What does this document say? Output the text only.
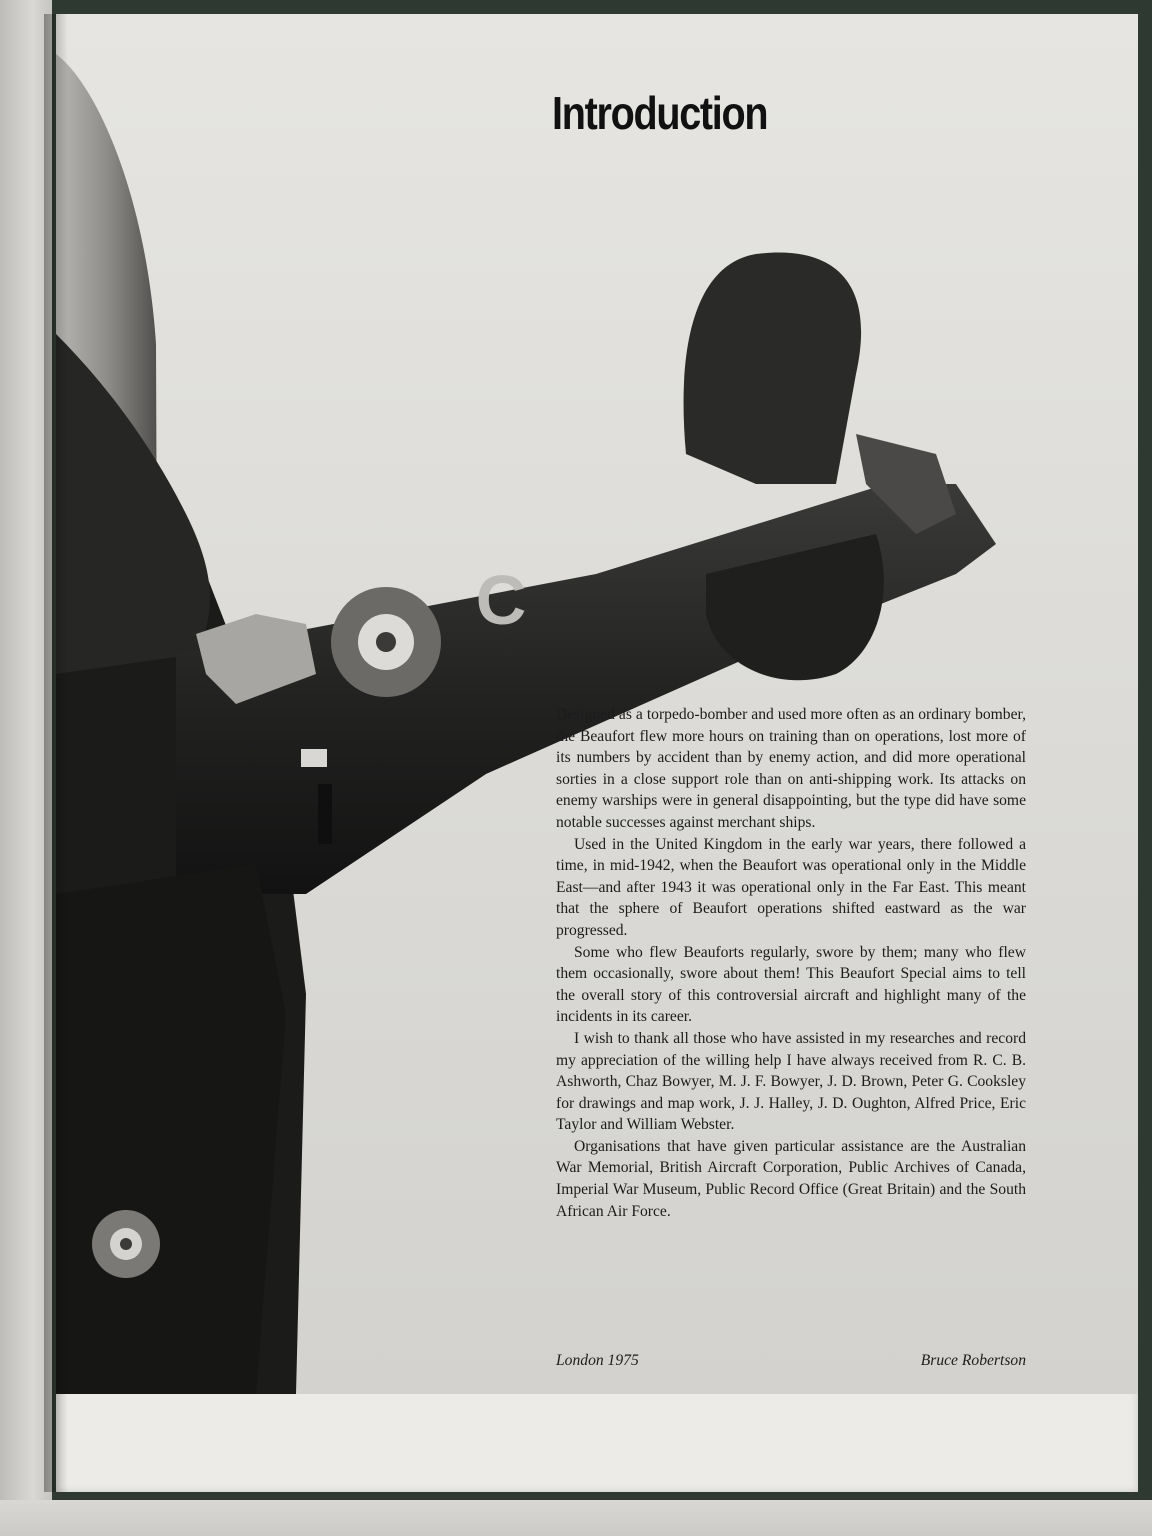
C
Introduction

Designed as a torpedo-bomber and used more often as an ordinary bomber, the Beaufort flew more hours on training than on operations, lost more of its numbers by accident than by enemy action, and did more operational sorties in a close support role than on anti-shipping work. Its attacks on enemy warships were in general disappointing, but the type did have some notable successes against merchant ships.

Used in the United Kingdom in the early war years, there followed a time, in mid-1942, when the Beaufort was operational only in the Middle East—and after 1943 it was operational only in the Far East. This meant that the sphere of Beaufort operations shifted eastward as the war progressed.

Some who flew Beauforts regularly, swore by them; many who flew them occasionally, swore about them! This Beaufort Special aims to tell the overall story of this controversial aircraft and highlight many of the incidents in its career.

I wish to thank all those who have assisted in my researches and record my appreciation of the willing help I have always received from R. C. B. Ashworth, Chaz Bowyer, M. J. F. Bowyer, J. D. Brown, Peter G. Cooksley for drawings and map work, J. J. Halley, J. D. Oughton, Alfred Price, Eric Taylor and William Webster.

Organisations that have given particular assistance are the Australian War Memorial, British Aircraft Corporation, Public Archives of Canada, Imperial War Museum, Public Record Office (Great Britain) and the South African Air Force.

London 1975	Bruce Robertson
